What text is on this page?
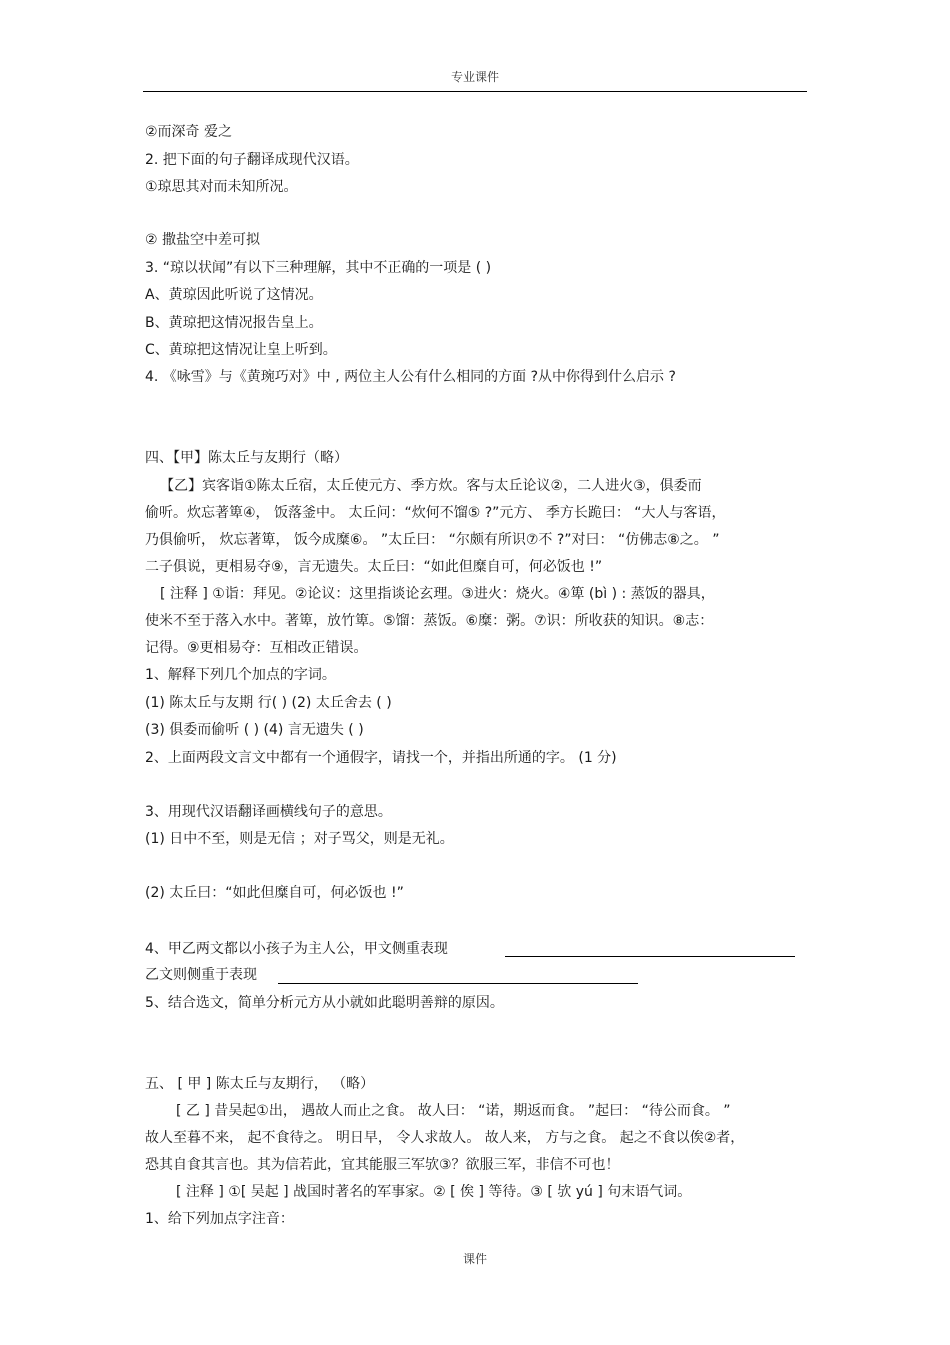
专业课件
②而深奇 爱之
2. 把下面的句子翻译成现代汉语。
①琼思其对而未知所况。
② 撒盐空中差可拟
3. “琼以状闻”有以下三种理解，其中不正确的一项是 ( )
A、黄琼因此听说了这情况。
B、黄琼把这情况报告皇上。
C、黄琼把这情况让皇上听到。
4. 《咏雪》与《黄琬巧对》中 , 两位主人公有什么相同的方面 ?从中你得到什么启示 ?
四、【甲】陈太丘与友期行（略）
【乙】宾客诣①陈太丘宿，太丘使元方、季方炊。客与太丘论议②，二人进火③，俱委而
偷听。炊忘著箄④， 饭落釜中。 太丘问：“炊何不馏⑤ ?”元方、 季方长跪曰： “大人与客语，
乃俱偷听， 炊忘著箄， 饭今成糜⑥。 ”太丘曰： “尔颇有所识⑦不 ?”对曰： “仿佛志⑧之。 ”
二子俱说，更相易夺⑨，言无遗失。太丘曰：“如此但糜自可，何必饭也 !”
[ 注释 ] ①诣：拜见。②论议：这里指谈论玄理。③进火：烧火。④箄 (bì ) : 蒸饭的器具，
使米不至于落入水中。著箄，放竹箄。⑤馏：蒸饭。⑥糜：粥。⑦识：所收获的知识。⑧志：
记得。⑨更相易夺：互相改正错误。
1、解释下列几个加点的字词。
(1) 陈太丘与友期 行( ) (2) 太丘舍去 ( )
(3) 俱委而偷听 ( ) (4) 言无遗失 ( )
2、上面两段文言文中都有一个通假字，请找一个，并指出所通的字。 (1 分)
3、用现代汉语翻译画横线句子的意思。
(1) 日中不至，则是无信 ；对子骂父，则是无礼。
(2) 太丘曰：“如此但糜自可，何必饭也 !”
4、甲乙两文都以小孩子为主人公，甲文侧重表现
乙文则侧重于表现
5、结合选文，简单分析元方从小就如此聪明善辩的原因。
五、 [ 甲 ] 陈太丘与友期行， （略）
[ 乙 ] 昔吴起①出， 遇故人而止之食。 故人曰： “诺，期返而食。 ”起曰： “待公而食。 ”
故人至暮不来， 起不食待之。 明日早， 令人求故人。 故人来， 方与之食。 起之不食以俟②者，
恐其自食其言也。其为信若此，宜其能服三军欤③？欲服三军，非信不可也！
[ 注释 ] ①[ 吴起 ] 战国时著名的军事家。② [ 俟 ] 等待。③ [ 欤 yú ] 句末语气词。
1、给下列加点字注音：
课件
